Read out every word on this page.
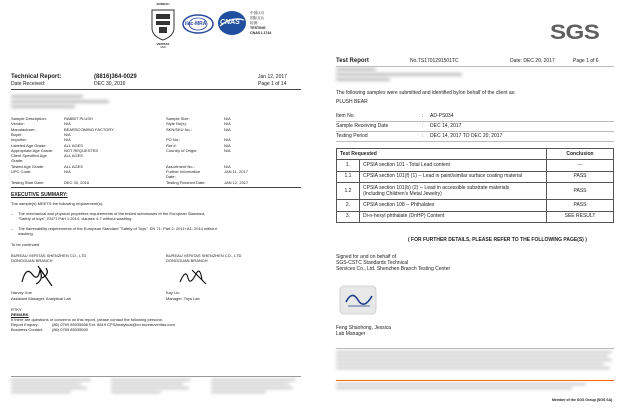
BUREAU
VERITAS
1828
ilac-MRA CNAS
中国认可
国际互认
检测
TESTING
CNAS L1744
Technical Report:	(8816)364-0029	Jan 12, 2017
Date Received:	DEC 30, 2016	Page 1 of 14
Sample Description:	RABBIT PLUSH
Vendor:	N/A
Manufacturer:	BEARSCOMING FACTORY
Buyer:	N/A
Importer:	N/A
Labeled Age Grade:	ALL AGES
Appropriate Age Grade:	NOT REQUESTED
Client Specified Age	ALL AGES
Grade:
Tested Age Grade:	ALL AGES
UPC Code:	N/A
Testing Start Date:	DEC 30, 2016
Sample Size:	N/A
Style No(s):	N/A
SKN/SKU No.:	N/A
PO No.:	N/A
Ref #:	N/A
Country of Origin:	N/A
Assortment No.:	N/A
Further Information	JAN 11, 2017
Date:
Testing Finished Date:	JAN 12, 2017
EXECUTIVE SUMMARY:
The sample(s) MEETS the following requirement(s):
– The mechanical and physical properties requirements of the tested subclauses of the European Standard,
"Safety of toys", EN71 Part 1:2014, clauses 4-7 without washing
– The flammability requirements of the European Standard "Safety of Toys", EN 71: Part 2: 2011+A1: 2014 without
washing
To be continued
BUREAU VERITAS SHENZHEN CO., LTD
DONGGUAN BRANCH
BUREAU VERITAS SHENZHEN CO., LTD
DONGGUAN BRANCH
Harvey Xue
Assistant Manager, Analytical Lab
Kay Liu
Manager, Toys Lab
RTKY
REMARK
If there are questions or concerns on this report, please contact the following persons:
Report Enquiry:	(86) 0769 85935656 Ext. 8819 CPSAnalytical@cn.bureauveritas.com
Business Contact: (86) 0769 85935500
SGS
Test Report	No.TS1701291501TC	Date: DEC 20, 2017	Page 1 of 6
The following samples were submitted and identified by/on behalf of the client as:
PLUSH BEAR
Item No.	: AD-PS034
Sample Receiving Date	: DEC 14, 2017
Testing Period	: DEC 14, 2017 TO DEC 20, 2017
Test Requested		Conclusion
1.	CPSIA section 101 - Total Lead content	---
1.1	CPSIA section 101(f) (1) -- Lead in paint/similar surface coating material	PASS
1.2	CPSIA section 101(b) (2) -- Lead in accessible substrate materials
(Including Children's Metal Jewelry)	PASS
2.	CPSIA section 108 -- Phthalates	PASS
3.	Di-n-hexyl phthalate (DnHP) Content	SEE RESULT
( FOR FURTHER DETAILS, PLEASE REFER TO THE FOLLOWING PAGE(S) )
Signed for and on behalf of
SGS-CSTC Standards Technical
Services Co., Ltd. Shenzhen Branch Testing Center
Feng Shaohong, Jessica
Lab Manager
Member of the SGS Group (SGS SA)
